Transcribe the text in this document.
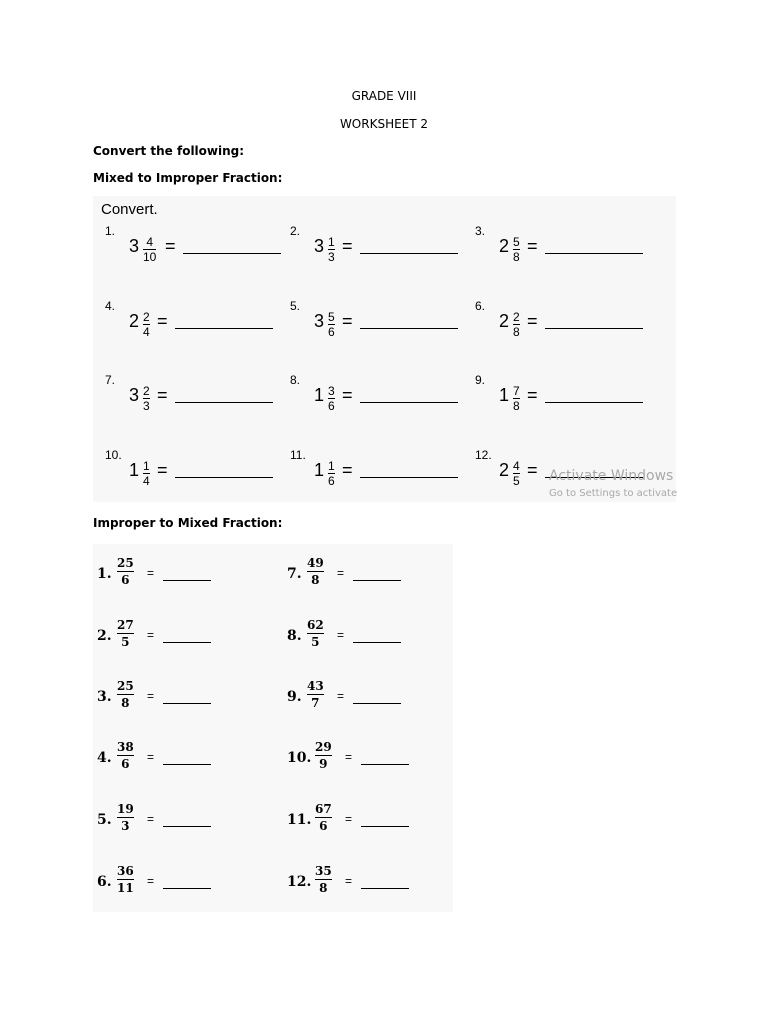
GRADE VIII
WORKSHEET 2
Convert the following:
Mixed to Improper Fraction:
Convert.
1.
3 4
10
=
2.
3 1
3
=
3.
2 5
8
=
4.
2 2
4
=
5.
3 5
6
=
6.
2 2
8
=
7.
3 2
3
=
8.
1 3
6
=
9.
1 7
8
=
10.
1 1
4
=
11.
1 1
6
=
12.
2 4
5
= Activate Windows
Go to Settings to activate
Improper to Mixed Fraction:
1.
25
6 =
2.
27
5 =
3.
25
8 =
4.
38
6 =
5.
19
3 =
6.
36
11 =
7.
49
8 =
8.
62
5 =
9.
43
7 =
10.
29
9 =
11.
67
6 =
12.
35
8 =
